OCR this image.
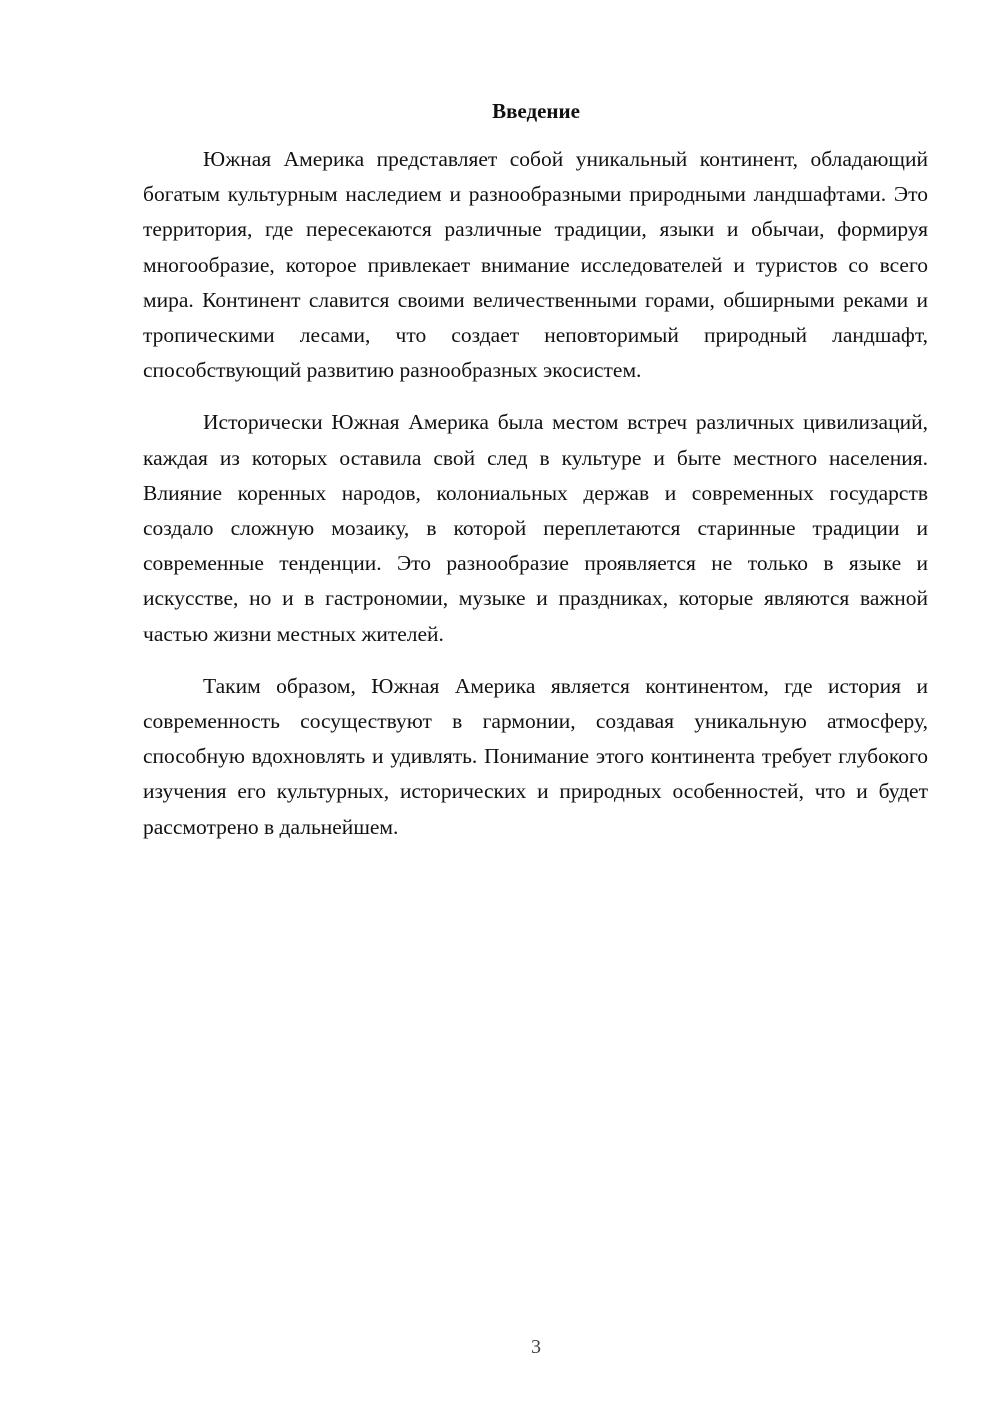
Введение

Южная Америка представляет собой уникальный континент, обладающий богатым культурным наследием и разнообразными природными ландшафтами. Это территория, где пересекаются различные традиции, языки и обычаи, формируя многообразие, которое привлекает внимание исследователей и туристов со всего мира. Континент славится своими величественными горами, обширными реками и тропическими лесами, что создает неповторимый природный ландшафт, способствующий развитию разнообразных экосистем.

Исторически Южная Америка была местом встреч различных цивилизаций, каждая из которых оставила свой след в культуре и быте местного населения. Влияние коренных народов, колониальных держав и современных государств создало сложную мозаику, в которой переплетаются старинные традиции и современные тенденции. Это разнообразие проявляется не только в языке и искусстве, но и в гастрономии, музыке и праздниках, которые являются важной частью жизни местных жителей.

Таким образом, Южная Америка является континентом, где история и современность сосуществуют в гармонии, создавая уникальную атмосферу, способную вдохновлять и удивлять. Понимание этого континента требует глубокого изучения его культурных, исторических и природных особенностей, что и будет рассмотрено в дальнейшем.

3
